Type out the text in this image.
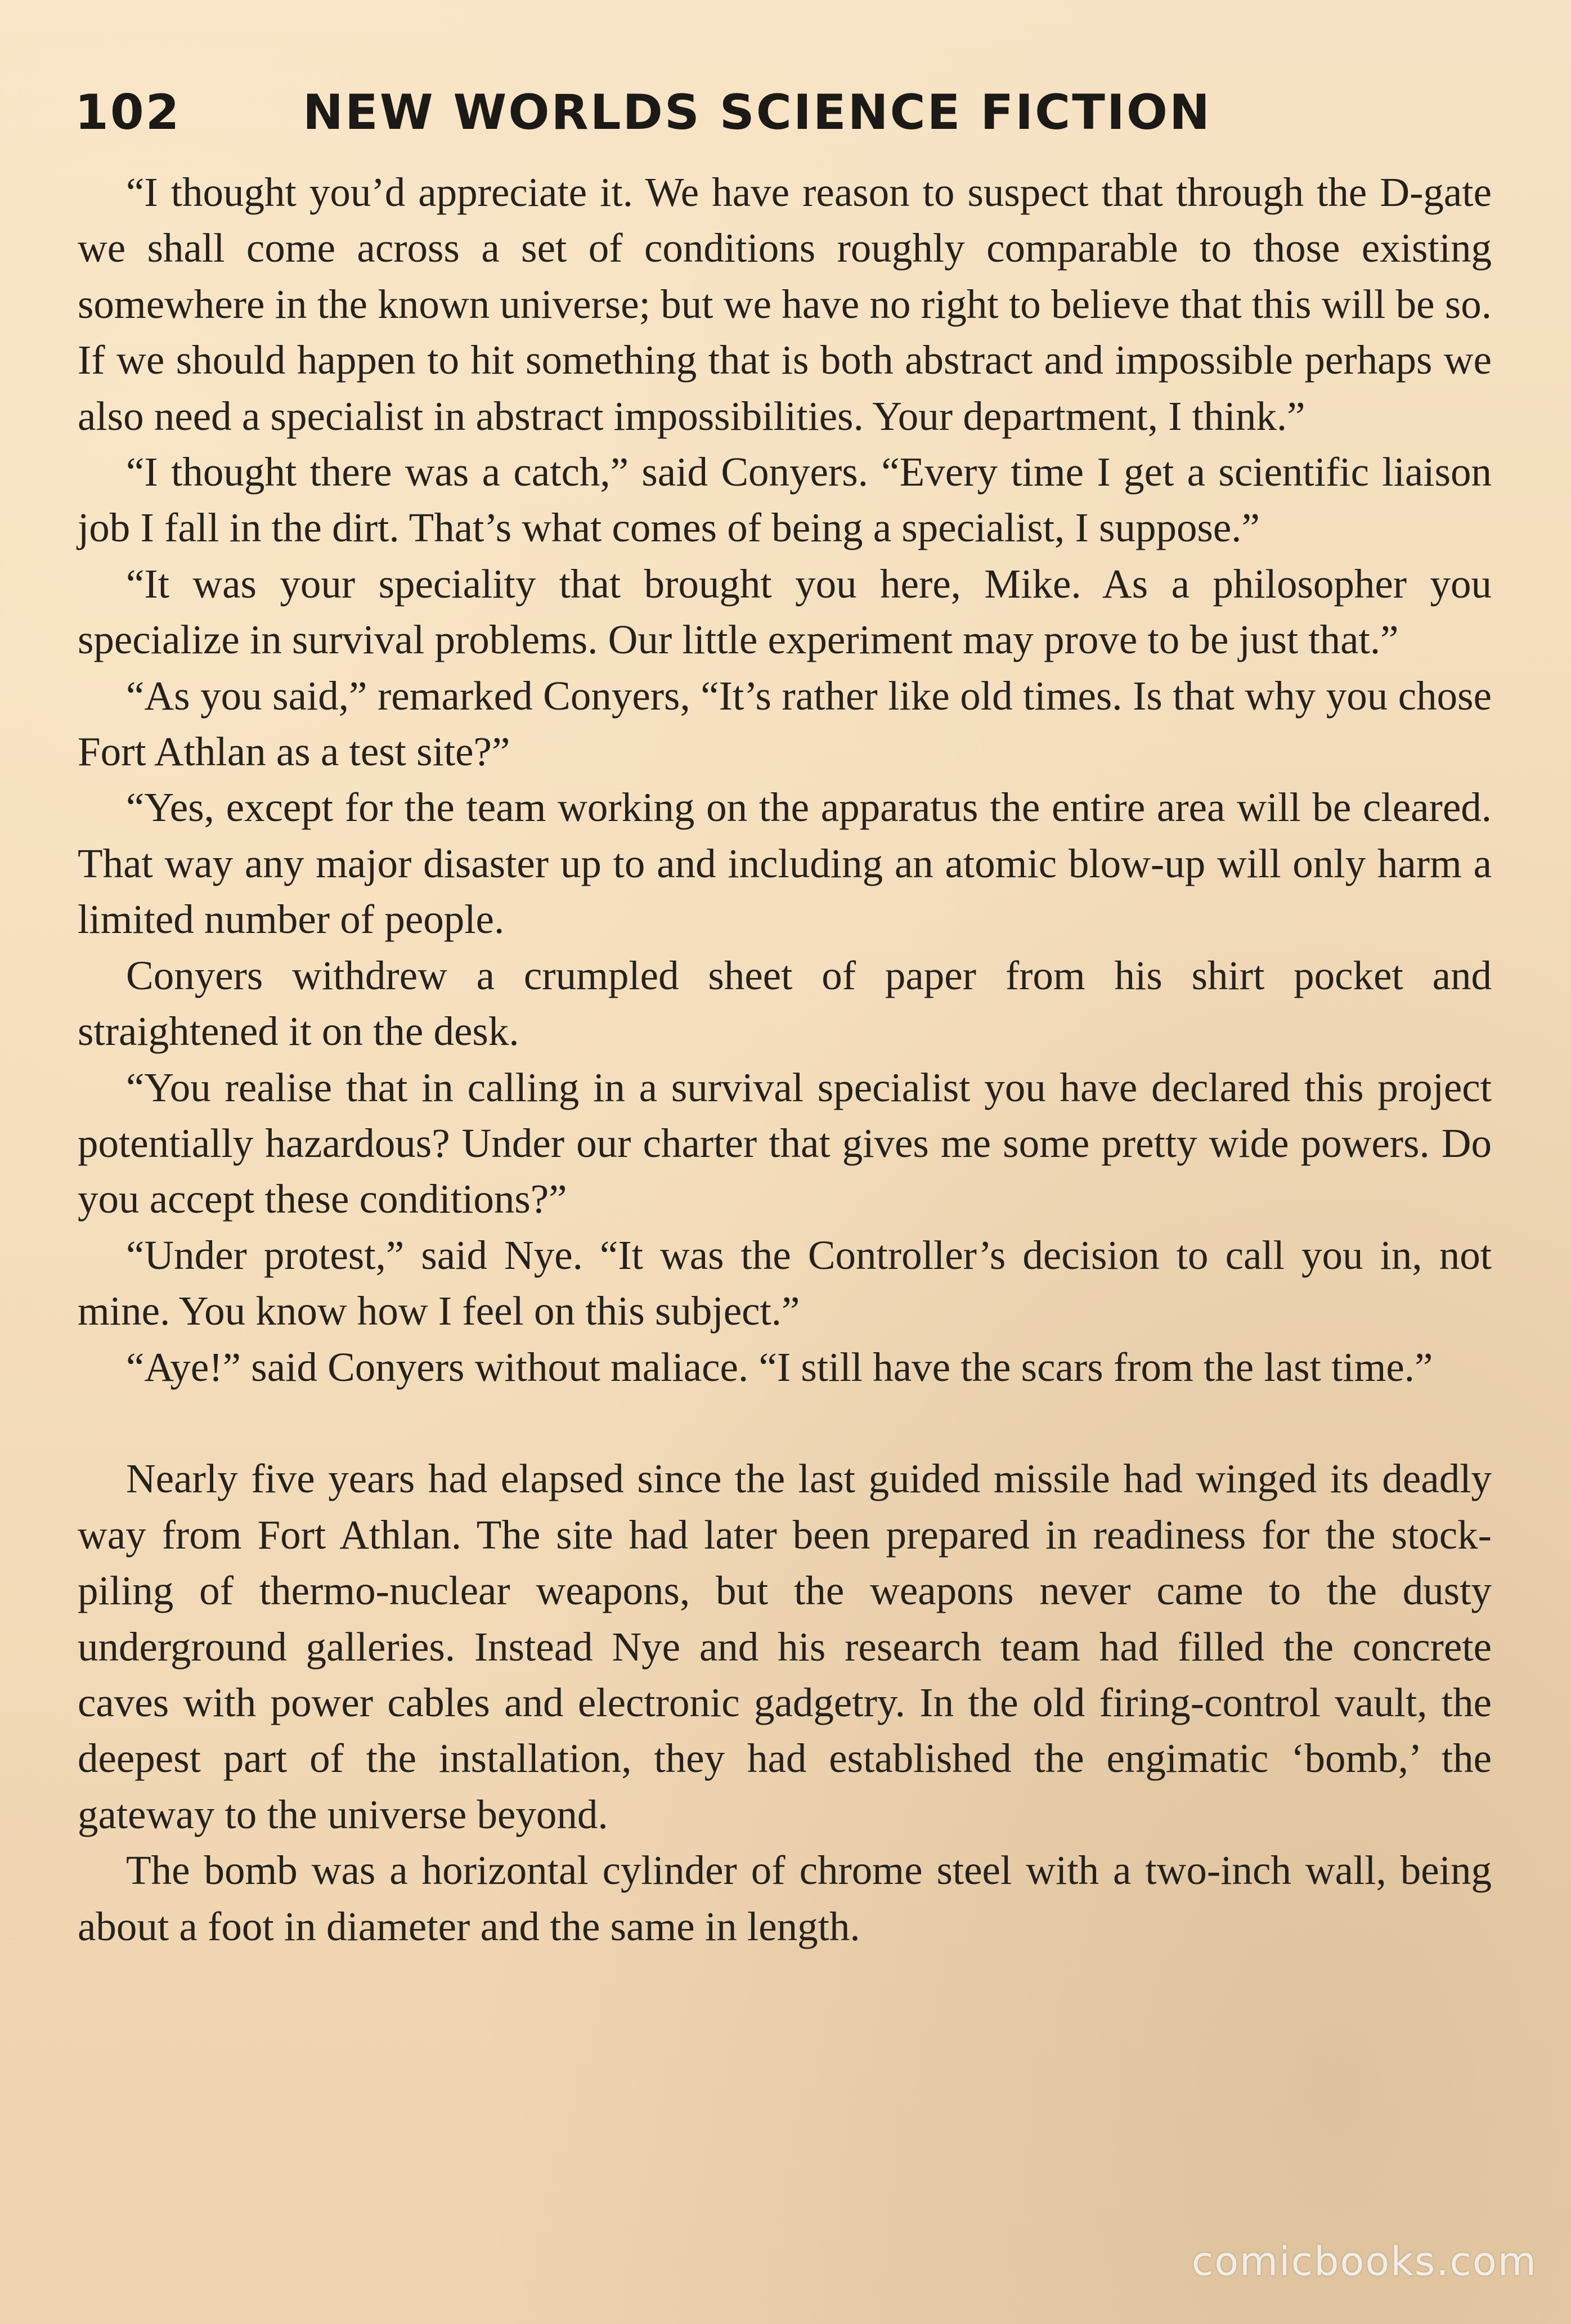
102	NEW WORLDS SCIENCE FICTION

“I thought you’d appreciate it. We have reason to suspect that through the D-gate we shall come across a set of conditions roughly comparable to those existing somewhere in the known universe; but we have no right to believe that this will be so. If we should happen to hit something that is both abstract and impossible perhaps we also need a specialist in abstract impossibilities. Your department, I think.”

“I thought there was a catch,” said Conyers. “Every time I get a scientific liaison job I fall in the dirt. That’s what comes of being a specialist, I suppose.”

“It was your speciality that brought you here, Mike. As a philosopher you specialize in survival problems. Our little experiment may prove to be just that.”

“As you said,” remarked Conyers, “It’s rather like old times. Is that why you chose Fort Athlan as a test site?”

“Yes, except for the team working on the apparatus the entire area will be cleared. That way any major disaster up to and including an atomic blow-up will only harm a limited number of people.

Conyers withdrew a crumpled sheet of paper from his shirt pocket and straightened it on the desk.

“You realise that in calling in a survival specialist you have declared this project potentially hazardous? Under our charter that gives me some pretty wide powers. Do you accept these conditions?”

“Under protest,” said Nye. “It was the Controller’s decision to call you in, not mine. You know how I feel on this subject.”

“Aye!” said Conyers without maliace. “I still have the scars from the last time.”

Nearly five years had elapsed since the last guided missile had winged its deadly way from Fort Athlan. The site had later been prepared in readiness for the stock-piling of thermo-nuclear weapons, but the weapons never came to the dusty underground galleries. Instead Nye and his research team had filled the concrete caves with power cables and electronic gadgetry. In the old firing-control vault, the deepest part of the installation, they had established the engimatic ‘bomb,’ the gateway to the universe beyond.

The bomb was a horizontal cylinder of chrome steel with a two-inch wall, being about a foot in diameter and the same in length.

comicbooks.com
